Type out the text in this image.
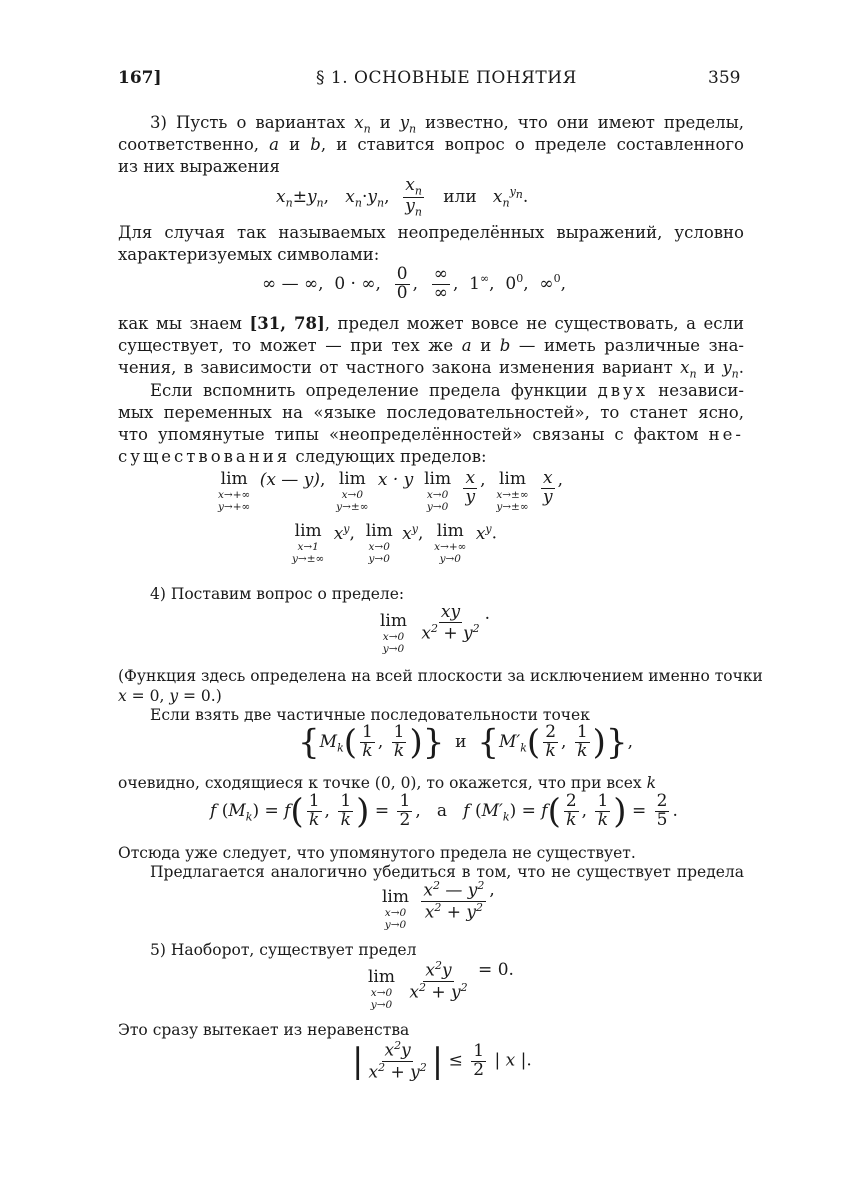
167]	§ 1. ОСНОВНЫЕ ПОНЯТИЯ	359
3) Пусть о вариантах $x_n$ и $y_n$ известно, что они имеют пределы,
соответственно, a и b, и ставится вопрос о пределе составленного
из них выражения
$x_n\pm y_n$,   $x_n\cdot y_n$, $\frac{x_n}{y_n}$ или   $x_n^{y_n}$.
Для случая так называемых неопределённых выражений, условно
характеризуемых символами:
∞ — ∞,  0 · ∞, $\frac{0}{0}$ , ∞
∞ ,  1∞,  $0^0$,  ∞$^0$,
как мы знаем [31, 78], предел может вовсе не существовать, а если
существует, то может — при тех же a и b — иметь различные зна-
чения, в зависимости от частного закона изменения вариант $x_n$ и $y_n$.
Если вспомнить определение предела функции двух независи-
мых переменных на «языке последовательностей», то станет ясно,
что упомянутые типы «неопределённостей» связаны с фактом не-
существования следующих пределов:
lim
x→+∞
y→+∞
(x — y), lim
x→0
y→±∞
x · y lim
x→0
y→0

$\frac{x}{y}$ , lim
x→±∞
y→±∞

$\frac{x}{y}$ ,
lim
x→1
y→±∞
$x^y$, lim
x→0
y→0
$x^y$, lim
x→+∞
y→0
$x^y$.
4) Поставим вопрос о пределе:
lim
x→0
y→0

$\frac{xy}{x^2 + y^2}$ .
(Функция здесь определена на всей плоскости за исключением именно точки
x = 0, y = 0.)
Если взять две частичные последовательности точек
{$M_k( \frac{1}{k}$ , $\frac{1}{k}$ )}  и  {$M'_k( \frac{2}{k}$ , $\frac{1}{k}$ )},
очевидно, сходящиеся к точке (0, 0), то окажется, что при всех k
f $(M_k) = f( \frac{1}{k}$ , $\frac{1}{k}$ ) = $\frac{1}{2}$ ,   а   f $(M'_k) = f( \frac{2}{k}$ , $\frac{1}{k}$ ) = $\frac{2}{5}$ .
Отсюда уже следует, что упомянутого предела не существует.
Предлагается аналогично убедиться в том, что не существует предела
lim
x→0
y→0

$\frac{x^2 — y^2}{x^2 + y^2}$ ,
5) Наоборот, существует предел
lim
x→0
y→0

$\frac{x^2y}{x^2 + y^2} = 0$.
Это сразу вытекает из неравенства
| $\frac{x^2y}{x^2 + y^2}$ | ≤ $\frac{1}{2}$ | x |.
